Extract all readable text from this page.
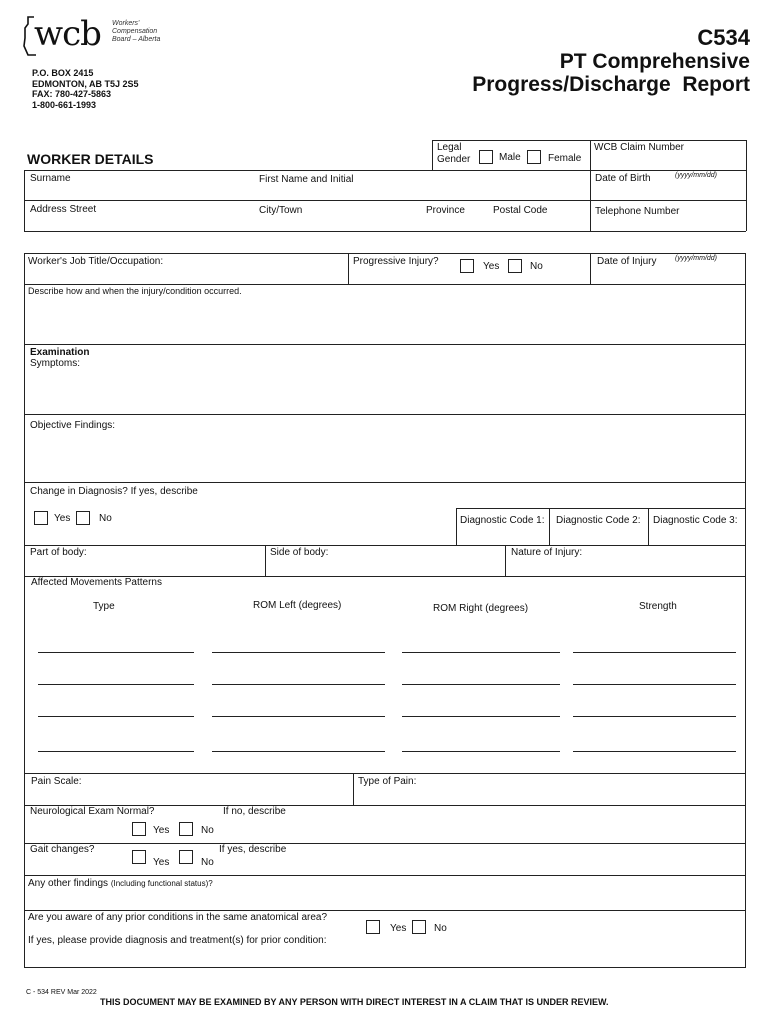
wcb Workers'
Compensation
Board – Alberta
P.O. BOX 2415
EDMONTON, AB T5J 2S5
FAX: 780-427-5863
1-800-661-1993
C534
PT Comprehensive
Progress/Discharge  Report
WORKER DETAILS
Legal
Gender	Male	Female
WCB Claim Number
Surname	First Name and Initial	Date of Birth	(yyyy/mm/dd)
Address Street	City/Town	Province	Postal Code	Telephone Number
Worker's Job Title/Occupation:	Progressive Injury?	Yes	No	Date of Injury	(yyyy/mm/dd)
Describe how and when the injury/condition occurred.
Examination
Symptoms:
Objective Findings:
Change in Diagnosis? If yes, describe
Yes	No	Diagnostic Code 1:	Diagnostic Code 2:	Diagnostic Code 3:
Part of body:	Side of body:	Nature of Injury:
Affected Movements Patterns
Type	ROM Left (degrees)	ROM Right (degrees)	Strength
Pain Scale:	Type of Pain:
Neurological Exam Normal?	If no, describe
Yes	No
Gait changes?	If yes, describe
Yes	No
Any other findings (Including functional status)?
Are you aware of any prior conditions in the same anatomical area?
Yes	No
If yes, please provide diagnosis and treatment(s) for prior condition:
C - 534 REV Mar 2022
THIS DOCUMENT MAY BE EXAMINED BY ANY PERSON WITH DIRECT INTEREST IN A CLAIM THAT IS UNDER REVIEW.
